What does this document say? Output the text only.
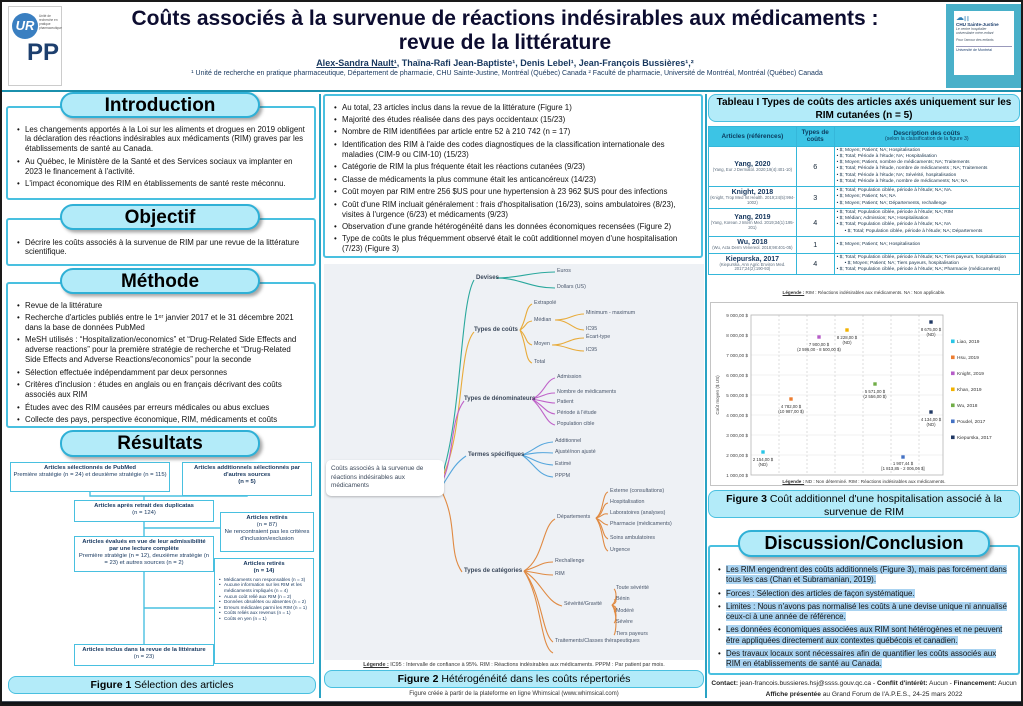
UR
Unité de recherche en pratique pharmaceutique
PP
☁∥∥
CHU Sainte-Justine
Le centre hospitalier
universitaire mère-enfant
Pour l'amour des enfants
Université de Montréal
Coûts associés à la survenue de réactions indésirables aux médicaments :
revue de la littérature
Alex-Sandra Nault¹, Thaïna-Rafi Jean-Baptiste¹, Denis Lebel¹, Jean-François Bussières¹,²
¹ Unité de recherche en pratique pharmaceutique, Département de pharmacie, CHU Sainte-Justine, Montréal (Québec) Canada ² Faculté de pharmacie, Université de Montréal, Montréal (Québec) Canada
Introduction
• Les changements apportés à la Loi sur les aliments et drogues en 2019 obligent la déclaration des réactions indésirables aux médicaments (RIM) graves par les établissements de santé au Canada.
• Au Québec, le Ministère de la Santé et des Services sociaux va implanter en 2023 le financement à l'activité.
• L'impact économique des RIM en établissements de santé reste méconnu.
Objectif
• Décrire les coûts associés à la survenue de RIM par une revue de la littérature scientifique.
Méthode
• Revue de la littérature
• Recherche d'articles publiés entre le 1ᵉʳ janvier 2017 et le 31 décembre 2021 dans la base de données PubMed
• MeSH utilisés : “Hospitalization/economics” et “Drug-Related Side Effects and adverse reactions” pour la première stratégie de recherche et “Drug-Related Side Effects and Adverse Reactions/economics” pour la seconde
• Sélection effectuée indépendamment par deux personnes
• Critères d'inclusion : études en anglais ou en français décrivant des coûts associés aux RIM
• Études avec des RIM causées par erreurs médicales ou abus exclues
• Collecte des pays, perspective économique, RIM, médicaments et coûts
Résultats
Articles sélectionnés de PubMed
Première stratégie (n = 24) et deuxième stratégie (n = 115)
Articles additionnels sélectionnés par d'autres sources
(n = 5)
Articles après retrait des duplicatas
(n = 124)
Articles retirés
(n = 87)
Ne rencontraient pas les critères d'inclusion/exclusion
Articles évalués en vue de leur admissibilité par une lecture complète
Première stratégie (n = 12), deuxième stratégie (n = 23) et autres sources (n = 2)	Articles retirés
(n = 14)
• Médicaments non responsables (n = 3)
• Aucune information sur les RIM et les médicaments impliqués (n = 4)
• Aucun coût relié aux RIM (n = 2)
• Données obsolètes ou absentes (n = 2)
• Erreurs médicales parmi les RIM (n = 1)
• Coûts reliés aux revenus (n = 1)
• Coûts en yen (n = 1)
Articles inclus dans la revue de la littérature
(n = 23)
Figure 1 Sélection des articles
• Au total, 23 articles inclus dans la revue de la littérature (Figure 1)
• Majorité des études réalisée dans des pays occidentaux (15/23)
• Nombre de RIM identifiées par article entre 52 à 210 742 (n = 17)
• Identification des RIM à l'aide des codes diagnostiques de la classification internationale des maladies (CIM-9 ou CIM-10) (15/23)
• Catégorie de RIM la plus fréquente était les réactions cutanées (9/23)
• Classe de médicaments la plus commune était les anticancéreux (14/23)
• Coût moyen par RIM entre 256 $US pour une hypertension à 23 962 $US pour des infections
• Coût d'une RIM incluait généralement : frais d'hospitalisation (16/23), soins ambulatoires (8/23), visites à l'urgence (6/23) et médicaments (9/23)
• Observation d'une grande hétérogénéité dans les données économiques recensées (Figure 2)
• Type de coûts le plus fréquemment observé était le coût additionnel moyen d'une hospitalisation (7/23) (Figure 3)
Coûts associés à la survenue de réactions indésirables aux médicaments
Devises
Euros
Dollars (US)
Types de coûts
Extrapolé
Médian
Minimum - maximum
IC95
Moyen
Écart-type
IC95
Total
Types de dénominateurs
Admission
Nombre de médicaments
Patient
Période à l'étude
Population cible
Termes spécifiques
Additionnel
Ajusté/non ajusté
Estimé
PPPM
Types de catégories
Départements
Externe (consultations)
Hospitalisation
Laboratoires (analyses)
Pharmacie (médicaments)
Soins ambulatoires
Urgence
Rechallenge
RIM
Sévérité/Gravité
Toute sévérité
Bénin
Modéré
Sévère
Tiers payeurs
Traitements/Classes thérapeutiques
Légende : IC95 : Intervalle de confiance à 95%. RIM : Réactions indésirables aux médicaments. PPPM : Par patient par mois.
Figure 2 Hétérogénéité dans les coûts répertoriés
Figure créée à partir de la plateforme en ligne Whimsical (www.whimsical.com)
Tableau I Types de coûts des articles axés uniquement sur les RIM cutanées (n = 5)
Articles (références)	Types de coûts	Description des coûts
(selon la classification de la figure 3)

Yang, 2020
(Yang, Eur J Dermatol. 2020;19(4):401-10)	6	
• $; Moyen; Patient; NA; Hospitalisation
• $; Total; Période à l'étude; NA; Hospitalisation
• $; Moyen; Patient, nombre de médicaments; NA; Traitements
• $; Total; Période à l'étude, nombre de médicaments ; NA; Traitements
• $; Total; Période à l'étude; NA; Sévérité, hospitalisation
• $; Total; Période à l'étude, nombre de médicaments; NA; NA

Knight, 2018
(Knight, Trop Med Int Health. 2019;24(5):994-1002)
	3	
• $; Total; Population ciblée, période à l'étude; NA; NA.
• $; Moyen; Patient; NA; NA
• $; Moyen; Patient; NA; Départements, rechallenge

Yang, 2019
(Yang, Korean J Intern Med. 2019;34(1):195-201)
	4	
• $; Total; Population ciblée, période à l'étude; NA; RIM
• $; Médian; Admission; NA; Hospitalisation
• $; Total; Population ciblée, période à l'étude; NA; NA
• $; Total; Population ciblée, période à l'étude; NA; Départements

Wu, 2018
(Wu, Acta Derm Venereol. 2018;98:401-05)	1	• $; Moyen; Patient; NA; Hospitalisation

Kiepurska, 2017
(Kiepurska, Ann Agric Environ Med. 2017;24(2):190-93)
	4	
• $; Total; Population ciblée, période à l'étude; NA; Tiers payeurs, hospitalisation
• $; Moyen; Patient; NA; Tiers payeurs, hospitalisation
• $; Total; Population ciblée, période à l'étude; NA; Pharmacie (médicaments)
Légende : RIM : Réactions indésirables aux médicaments. NA : Non applicable.
9 000,00 $
8 000,00 $
7 000,00 $
6 000,00 $
5 000,00 $
4 000,00 $
3 000,00 $
2 000,00 $
1 000,00 $
Coût moyen ($ US)
2 154,00 $
(ND)
4 782,00 $
(10 987,00 $)
7 900,00 $
(2 596,00 - 8 500,00 $)
8 228,00 $
(ND)
5 571,00 $
(2 556,00 $)
1 907,44 $
[1 813,85 - 2 006,06 $]
8 675,00 $
(ND)
4 134,00 $
(ND)
Liao, 2019
Hsu, 2019
Knight, 2019
Khan, 2019
Wu, 2018
Poudel, 2017
Kiepurska, 2017
Légende : ND : Non déterminé. RIM : Réactions indésirables aux médicaments.
Figure 3 Coût additionnel d'une hospitalisation associé à la survenue de RIM
Discussion/Conclusion
• Les RIM engendrent des coûts additionnels (Figure 3), mais pas forcément dans tous les cas (Chan et Subramanian, 2019).
• Forces : Sélection des articles de façon systématique.
• Limites : Nous n'avons pas normalisé les coûts à une devise unique ni annualisé ceux-ci à une année de référence.
• Les données économiques associées aux RIM sont hétérogènes et ne peuvent être appliquées directement aux contextes québécois et canadien.
• Des travaux locaux sont nécessaires afin de quantifier les coûts associés aux RIM en établissements de santé au Canada.
Contact: jean-francois.bussieres.hsj@ssss.gouv.qc.ca - Conflit d'intérêt: Aucun - Financement: Aucun
Affiche présentée au Grand Forum de l'A.P.E.S., 24-25 mars 2022
